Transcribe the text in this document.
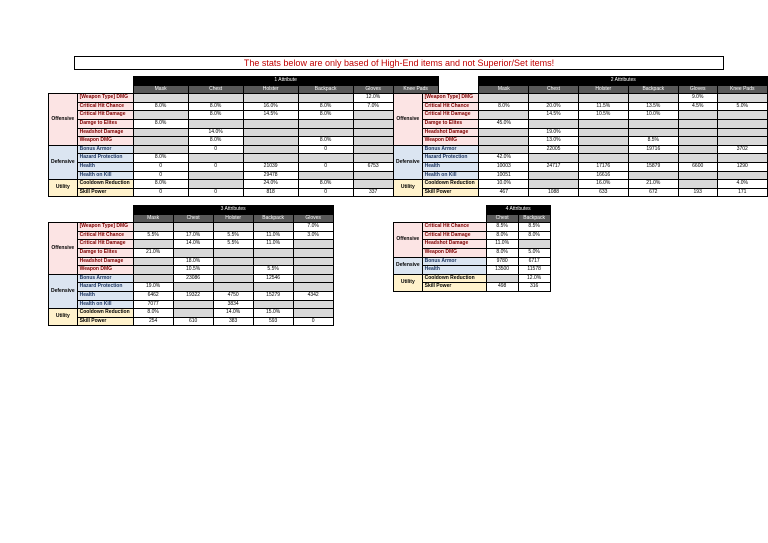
The stats below are only based of High-End items and not Superior/Set items!
		1 Attribute					
		Mask	Chest	Holster	Backpack	Gloves	Knee Pads
Offensive	[Weapon Type] DMG					12.0%	
	Critical Hit Chance	8.0%	8.0%	16.0%	8.0%	7.0%	
	Critical Hit Damage		8.0%	14.5%	8.0%		
	Damge to Elites	8.0%					
	Headshot Damage		14.0%				
	Weapon DMG		8.0%		8.0%		
Defensive	Bonus Armor		0		0		
	Hazard Protection	8.0%					
	Health	0	0	21039	0	6753	
	Health on Kill	0		29478			
Utility	Cooldown Reduction	8.0%		24.0%	8.0%		
	Skill Power	0	0	818	0	337	
		2 Attributes					
		Mask	Chest	Holster	Backpack	Gloves	Knee Pads
Offensive	[Weapon Type] DMG					9.0%	
	Critical Hit Chance	8.0%	20.0%	11.5%	13.5%	4.5%	5.0%
	Critical Hit Damage		14.5%	10.5%	10.0%		
	Damge to Elites	45.0%					
	Headshot Damage		19.0%				
	Weapon DMG		13.0%		8.5%		
Defensive	Bonus Armor		22005		19716		3702
	Hazard Protection	42.0%					
	Health	10003	24717	17176	15879	6600	1290
	Health on Kill	10051		16616			
Utility	Cooldown Reduction	10.0%		16.0%	21.0%		4.0%
	Skill Power	467	1088	633	672	193	171
		3 Attributes				
		Mask	Chest	Holster	Backpack	Gloves
Offensive	[Weapon Type] DMG					7.0%
	Critical Hit Chance	5.5%	17.0%	5.5%	11.0%	3.0%
	Critical Hit Damage		14.0%	5.5%	11.0%	
	Damge to Elites	21.0%				
	Headshot Damage		18.0%			
	Weapon DMG		10.5%		5.5%	
Defensive	Bonus Armor		23086		12546	
	Hazard Protection	19.0%				
	Health	6462	19322	4750	15279	4342
	Health on Kill	7077		3834		
Utility	Cooldown Reduction	8.0%		14.0%	15.0%	
	Skill Power	254	610	383	593	0
		4 Attributes	
		Chest	Backpack
Offensive	Critical Hit Chance	8.5%	8.5%
	Critical Hit Damage	8.0%	8.0%
	Headshot Damage	11.0%	
	Weapon DMG	8.0%	5.0%
Defensive	Bonus Armor	9780	6717
	Health	13500	11578
Utility	Cooldown Reduction		12.0%
	Skill Power	498	316
